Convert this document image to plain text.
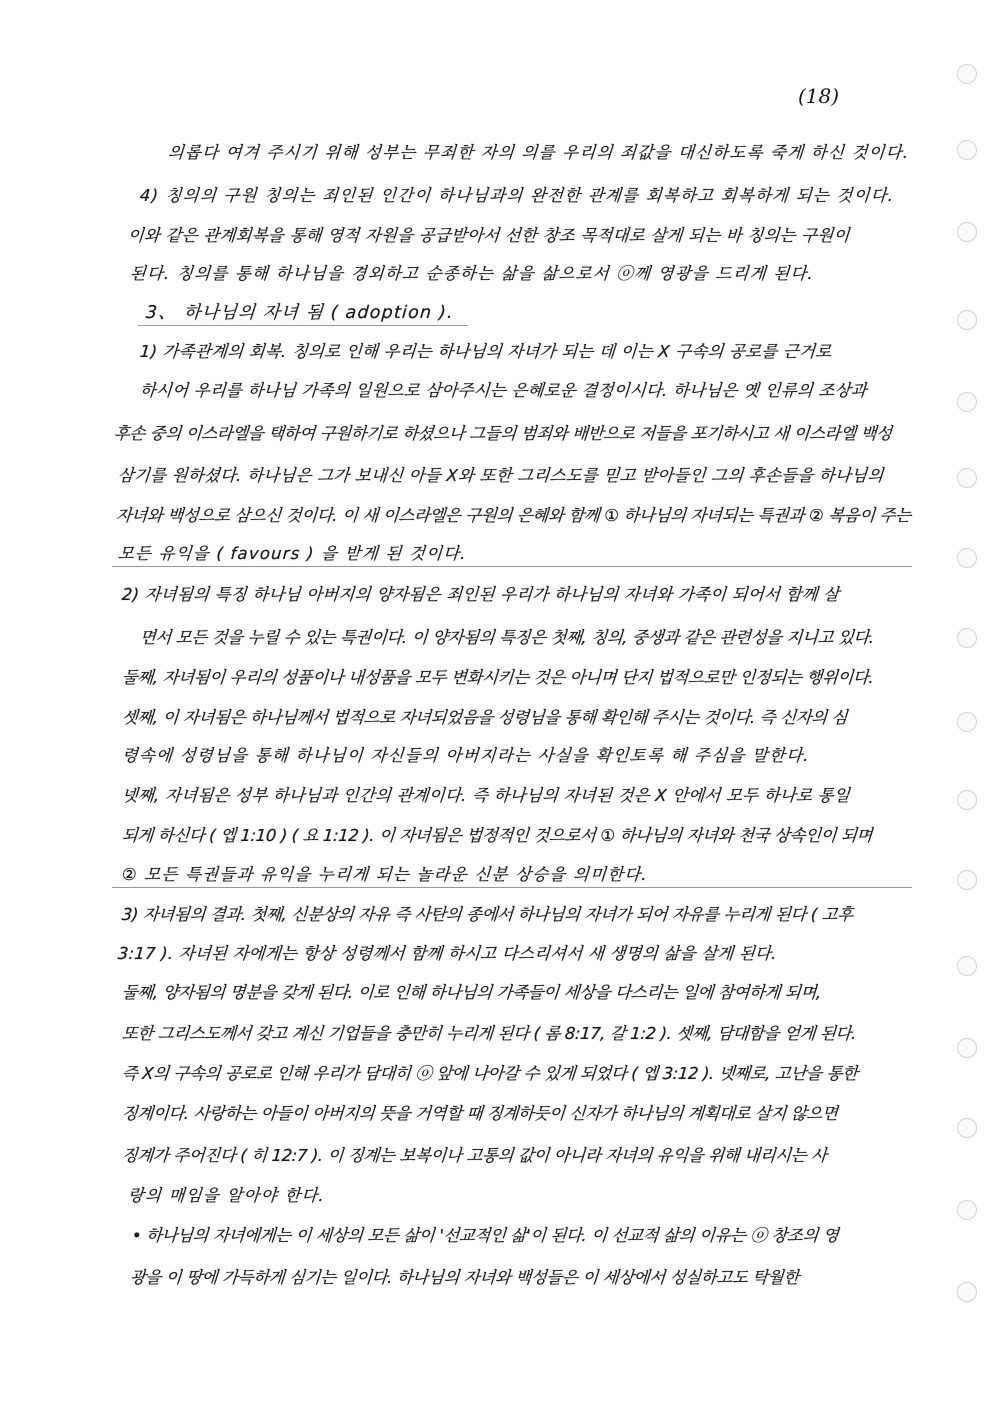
(18)
의롭다 여겨 주시기 위해 성부는 무죄한 자의 의를 우리의 죄값을 대신하도록 죽게 하신 것이다.
4) 칭의의 구원 칭의는 죄인된 인간이 하나님과의 완전한 관계를 회복하고 회복하게 되는 것이다.
이와 같은 관계회복을 통해 영적 자원을 공급받아서 선한 창조 목적대로 살게 되는 바 칭의는 구원이
된다. 칭의를 통해 하나님을 경외하고 순종하는 삶을 삶으로서 ⓞ께 영광을 드리게 된다.
3、 하나님의 자녀 됨 ( adoption ).
1) 가족관계의 회복. 칭의로 인해 우리는 하나님의 자녀가 되는 데 이는 X 구속의 공로를 근거로
하시어 우리를 하나님 가족의 일원으로 삼아주시는 은혜로운 결정이시다. 하나님은 옛 인류의 조상과
후손 중의 이스라엘을 택하여 구원하기로 하셨으나 그들의 범죄와 배반으로 저들을 포기하시고 새 이스라엘 백성
삼기를 원하셨다. 하나님은 그가 보내신 아들 X와 또한 그리스도를 믿고 받아들인 그의 후손들을 하나님의
자녀와 백성으로 삼으신 것이다. 이 새 이스라엘은 구원의 은혜와 함께 ① 하나님의 자녀되는 특권과 ② 복음이 주는
모든 유익을 ( favours ) 을 받게 된 것이다.
2) 자녀됨의 특징 하나님 아버지의 양자됨은 죄인된 우리가 하나님의 자녀와 가족이 되어서 함께 살
면서 모든 것을 누릴 수 있는 특권이다. 이 양자됨의 특징은 첫째, 칭의, 중생과 같은 관련성을 지니고 있다.
둘째, 자녀됨이 우리의 성품이나 내성품을 모두 변화시키는 것은 아니며 단지 법적으로만 인정되는 행위이다.
셋째, 이 자녀됨은 하나님께서 법적으로 자녀되었음을 성령님을 통해 확인해 주시는 것이다. 즉 신자의 심
령속에 성령님을 통해 하나님이 자신들의 아버지라는 사실을 확인토록 해 주심을 말한다.
넷째, 자녀됨은 성부 하나님과 인간의 관계이다. 즉 하나님의 자녀된 것은 X 안에서 모두 하나로 통일
되게 하신다 ( 엡 1:10 ) ( 요 1:12 ). 이 자녀됨은 법정적인 것으로서 ① 하나님의 자녀와 천국 상속인이 되며
② 모든 특권들과 유익을 누리게 되는 놀라운 신분 상승을 의미한다.
3) 자녀됨의 결과. 첫째, 신분상의 자유 즉 사탄의 종에서 하나님의 자녀가 되어 자유를 누리게 된다 ( 고후
3:17 ). 자녀된 자에게는 항상 성령께서 함께 하시고 다스리셔서 새 생명의 삶을 살게 된다.
둘째, 양자됨의 명분을 갖게 된다. 이로 인해 하나님의 가족들이 세상을 다스리는 일에 참여하게 되며,
또한 그리스도께서 갖고 계신 기업들을 충만히 누리게 된다 ( 롬 8:17, 갈 1:2 ). 셋째, 담대함을 얻게 된다.
즉 X의 구속의 공로로 인해 우리가 담대히 ⓞ 앞에 나아갈 수 있게 되었다 ( 엡 3:12 ). 넷째로, 고난을 통한
징계이다. 사랑하는 아들이 아버지의 뜻을 거역할 때 징계하듯이 신자가 하나님의 계획대로 살지 않으면
징계가 주어진다 ( 히 12:7 ). 이 징계는 보복이나 고통의 값이 아니라 자녀의 유익을 위해 내리시는 사
랑의 매임을 알아야 한다.
• 하나님의 자녀에게는 이 세상의 모든 삶이 '선교적인 삶'이 된다. 이 선교적 삶의 이유는 ⓞ 창조의 영
광을 이 땅에 가득하게 심기는 일이다. 하나님의 자녀와 백성들은 이 세상에서 성실하고도 탁월한
